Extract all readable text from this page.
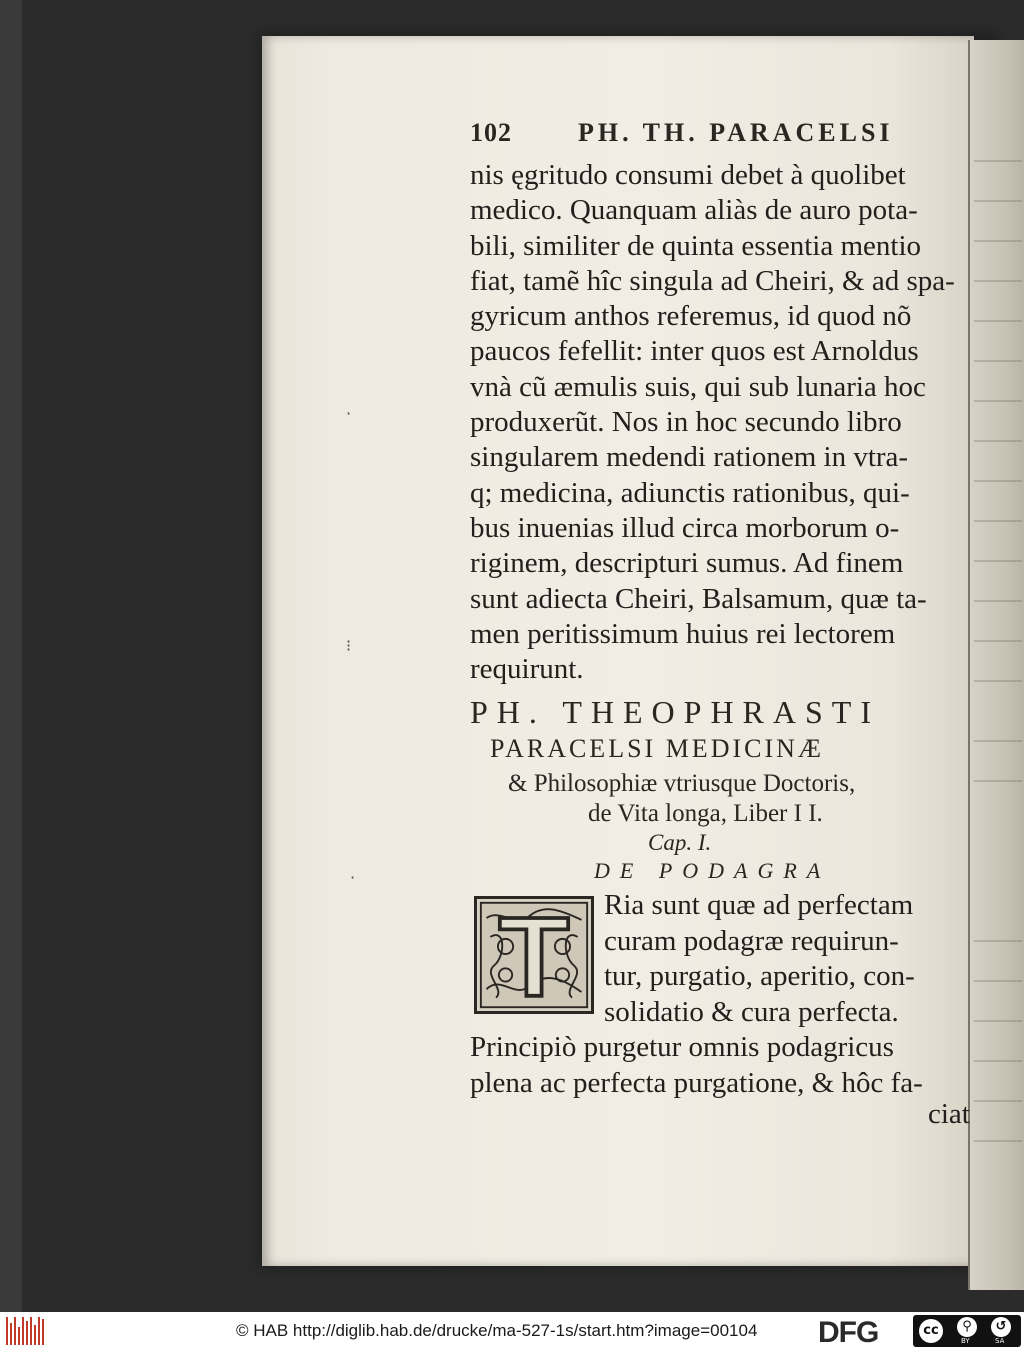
·
⁝
·
102	PH. TH. PARACELSI
nis ęgritudo consumi debet à quolibet
medico. Quanquam aliàs de auro pota-
bili, similiter de quinta essentia mentio
fiat, tamẽ hîc singula ad Cheiri, & ad spa-
gyricum anthos referemus, id quod nõ
paucos fefellit: inter quos est Arnoldus
vnà cũ æmulis suis, qui sub lunaria hoc
produxerũt. Nos in hoc secundo libro
singularem medendi rationem in vtra-
q; medicina, adiunctis rationibus, qui-
bus inuenias illud circa morborum o-
riginem, descripturi sumus. Ad finem
sunt adiecta Cheiri, Balsamum, quæ ta-
men peritissimum huius rei lectorem
requirunt.
PH. THEOPHRASTI
PARACELSI MEDICINÆ
& Philosophiæ vtriusque Doctoris,
de Vita longa, Liber I I.
Cap. I.
DE PODAGRA
Ria sunt quæ ad perfectam
curam podagræ requirun-
tur, purgatio, aperitio, con-
solidatio & cura perfecta.
Principiò purgetur omnis podagricus
plena ac perfecta purgatione, & hôc fa-
ciat
© HAB http://diglib.hab.de/drucke/ma-527-1s/start.htm?image=00104 DFG	cc	⚲	↺
BY	SA
